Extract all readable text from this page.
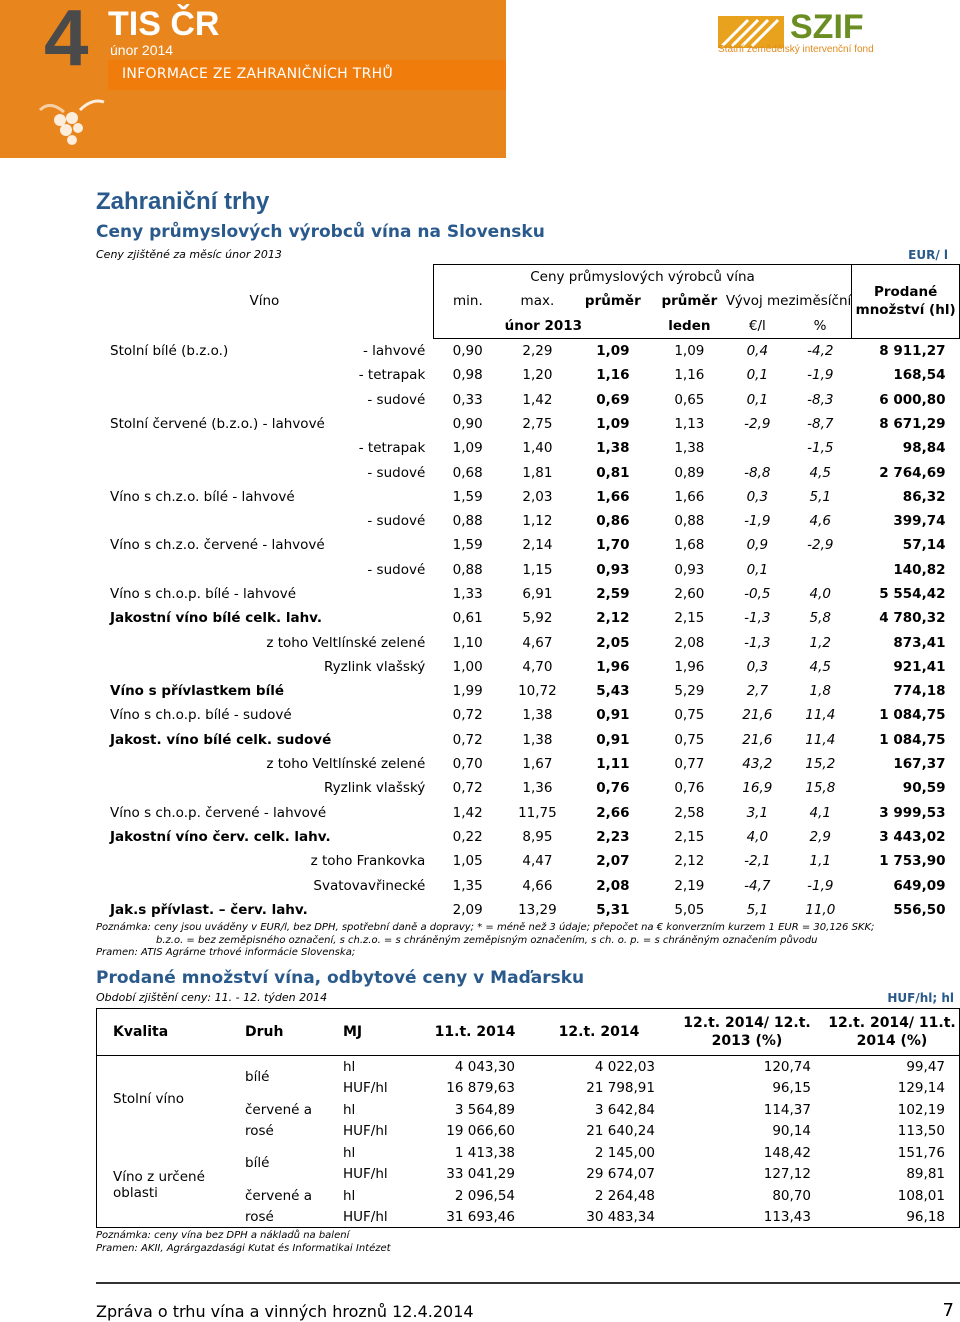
4 TIS ČR
únor 2014
INFORMACE ZE ZAHRANIČNÍCH TRHŮ
SZIF
Státní zemědělský intervenční fond
Zahraniční trhy
Ceny průmyslových výrobců vína na Slovensku
Ceny zjištěné za měsíc únor 2013	EUR/ l
Víno		Ceny průmyslových výrobců vína						Prodané množství (hl)
		min.	max.	průměr	průměr	Vývoj meziměsíční		
		únor 2013			leden	€/l	%	
Stolní bílé (b.z.o.)	- lahvové	0,90	2,29	1,09	1,09	0,4	-4,2	8 911,27
	- tetrapak	0,98	1,20	1,16	1,16	0,1	-1,9	168,54
	- sudové	0,33	1,42	0,69	0,65	0,1	-8,3	6 000,80
Stolní červené (b.z.o.) - lahvové		0,90	2,75	1,09	1,13	-2,9	-8,7	8 671,29
	- tetrapak	1,09	1,40	1,38	1,38		-1,5	98,84
	- sudové	0,68	1,81	0,81	0,89	-8,8	4,5	2 764,69
Víno s ch.z.o. bílé - lahvové		1,59	2,03	1,66	1,66	0,3	5,1	86,32
	- sudové	0,88	1,12	0,86	0,88	-1,9	4,6	399,74
Víno s ch.z.o. červené - lahvové		1,59	2,14	1,70	1,68	0,9	-2,9	57,14
	- sudové	0,88	1,15	0,93	0,93	0,1		140,82
Víno s ch.o.p. bílé - lahvové		1,33	6,91	2,59	2,60	-0,5	4,0	5 554,42
Jakostní víno bílé celk. lahv.		0,61	5,92	2,12	2,15	-1,3	5,8	4 780,32
	z toho Veltlínské zelené	1,10	4,67	2,05	2,08	-1,3	1,2	873,41
	Ryzlink vlašský	1,00	4,70	1,96	1,96	0,3	4,5	921,41
Víno s přívlastkem bílé		1,99	10,72	5,43	5,29	2,7	1,8	774,18
Víno s ch.o.p. bílé - sudové		0,72	1,38	0,91	0,75	21,6	11,4	1 084,75
Jakost. víno bílé celk. sudové		0,72	1,38	0,91	0,75	21,6	11,4	1 084,75
	z toho Veltlínské zelené	0,70	1,67	1,11	0,77	43,2	15,2	167,37
	Ryzlink vlašský	0,72	1,36	0,76	0,76	16,9	15,8	90,59
Víno s ch.o.p. červené - lahvové		1,42	11,75	2,66	2,58	3,1	4,1	3 999,53
Jakostní víno červ. celk. lahv.		0,22	8,95	2,23	2,15	4,0	2,9	3 443,02
	z toho Frankovka	1,05	4,47	2,07	2,12	-2,1	1,1	1 753,90
	Svatovavřinecké	1,35	4,66	2,08	2,19	-4,7	-1,9	649,09
Jak.s přívlast. – červ. lahv.		2,09	13,29	5,31	5,05	5,1	11,0	556,50
Poznámka: ceny jsou uváděny v EUR/l, bez DPH, spotřební daně a dopravy; * = méně než 3 údaje; přepočet na € konverzním kurzem 1 EUR = 30,126 SKK;
b.z.o. = bez zeměpisného označení, s ch.z.o. = s chráněným zeměpisným označením, s ch. o. p. = s chráněným označením původu
Pramen: ATIS Agrárne trhové informácie Slovenska;
Prodané množství vína, odbytové ceny v Maďarsku
Období zjištění ceny: 11. - 12. týden 2014	HUF/hl; hl
Kvalita	Druh	MJ	11.t. 2014	12.t. 2014	12.t. 2014/ 12.t. 2013 (%)	12.t. 2014/ 11.t. 2014 (%)
Stolní víno	bílé	hl	4 043,30	4 022,03	120,74	99,47
		HUF/hl	16 879,63	21 798,91	96,15	129,14
	červené a rosé	hl	3 564,89	3 642,84	114,37	102,19
		HUF/hl	19 066,60	21 640,24	90,14	113,50
Víno z určené oblasti	bílé	hl	1 413,38	2 145,00	148,42	151,76
		HUF/hl	33 041,29	29 674,07	127,12	89,81
	červené a rosé	hl	2 096,54	2 264,48	80,70	108,01
		HUF/hl	31 693,46	30 483,34	113,43	96,18
Poznámka: ceny vína bez DPH a nákladů na balení
Pramen: AKII, Agrárgazdasági Kutat és Informatikai Intézet
Zpráva o trhu vína a vinných hroznů 12.4.2014	7
